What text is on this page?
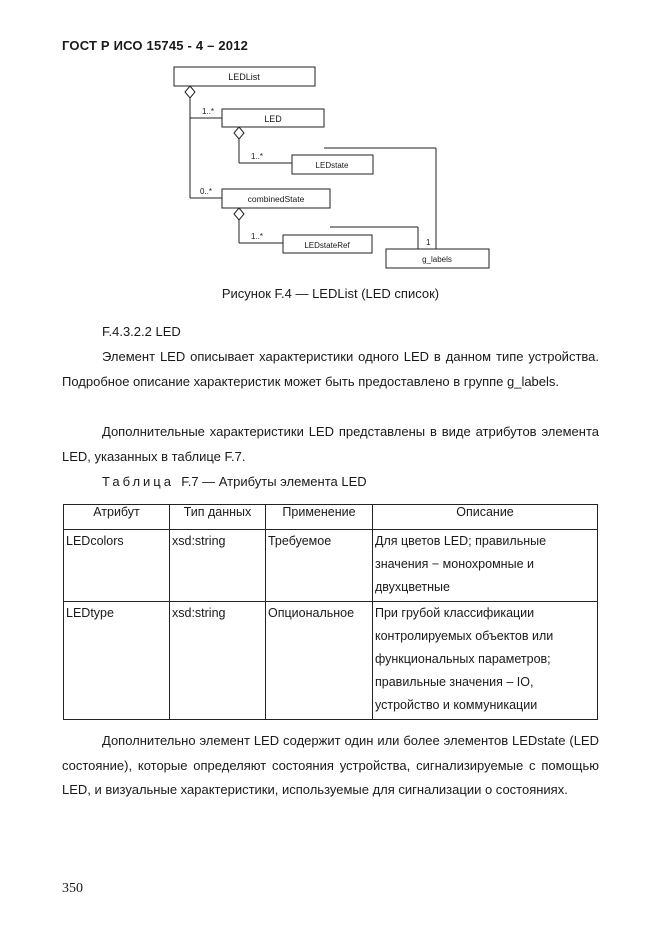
ГОСТ Р ИСО 15745 - 4 – 2012
LEDList
LED
LEDstate
combinedState
LEDstateRef
g_labels
1..*
1..*
0..*
1..*
1
Рисунок F.4 — LEDList (LED список)
F.4.3.2.2 LED
Элемент LED описывает характеристики одного LED в данном типе устройства. Подробное описание характеристик может быть предоставлено в группе g_labels.
Дополнительные характеристики LED представлены в виде атрибутов элемента LED, указанных в таблице F.7.
Таблица F.7 — Атрибуты элемента LED
Атрибут	Тип данных	Применение	Описание
LEDcolors	xsd:string	Требуемое	Для цветов LED; правильные значения − монохромные и двухцветные
LEDtype	xsd:string	Опциональное	При грубой классификации контролируемых объектов или функциональных параметров; правильные значения – IO, устройство и коммуникации
Дополнительно элемент LED содержит один или более элементов LEDstate (LED состояние), которые определяют состояния устройства, сигнализируемые с помощью LED, и визуальные характеристики, используемые для сигнализации о состояниях.
350
